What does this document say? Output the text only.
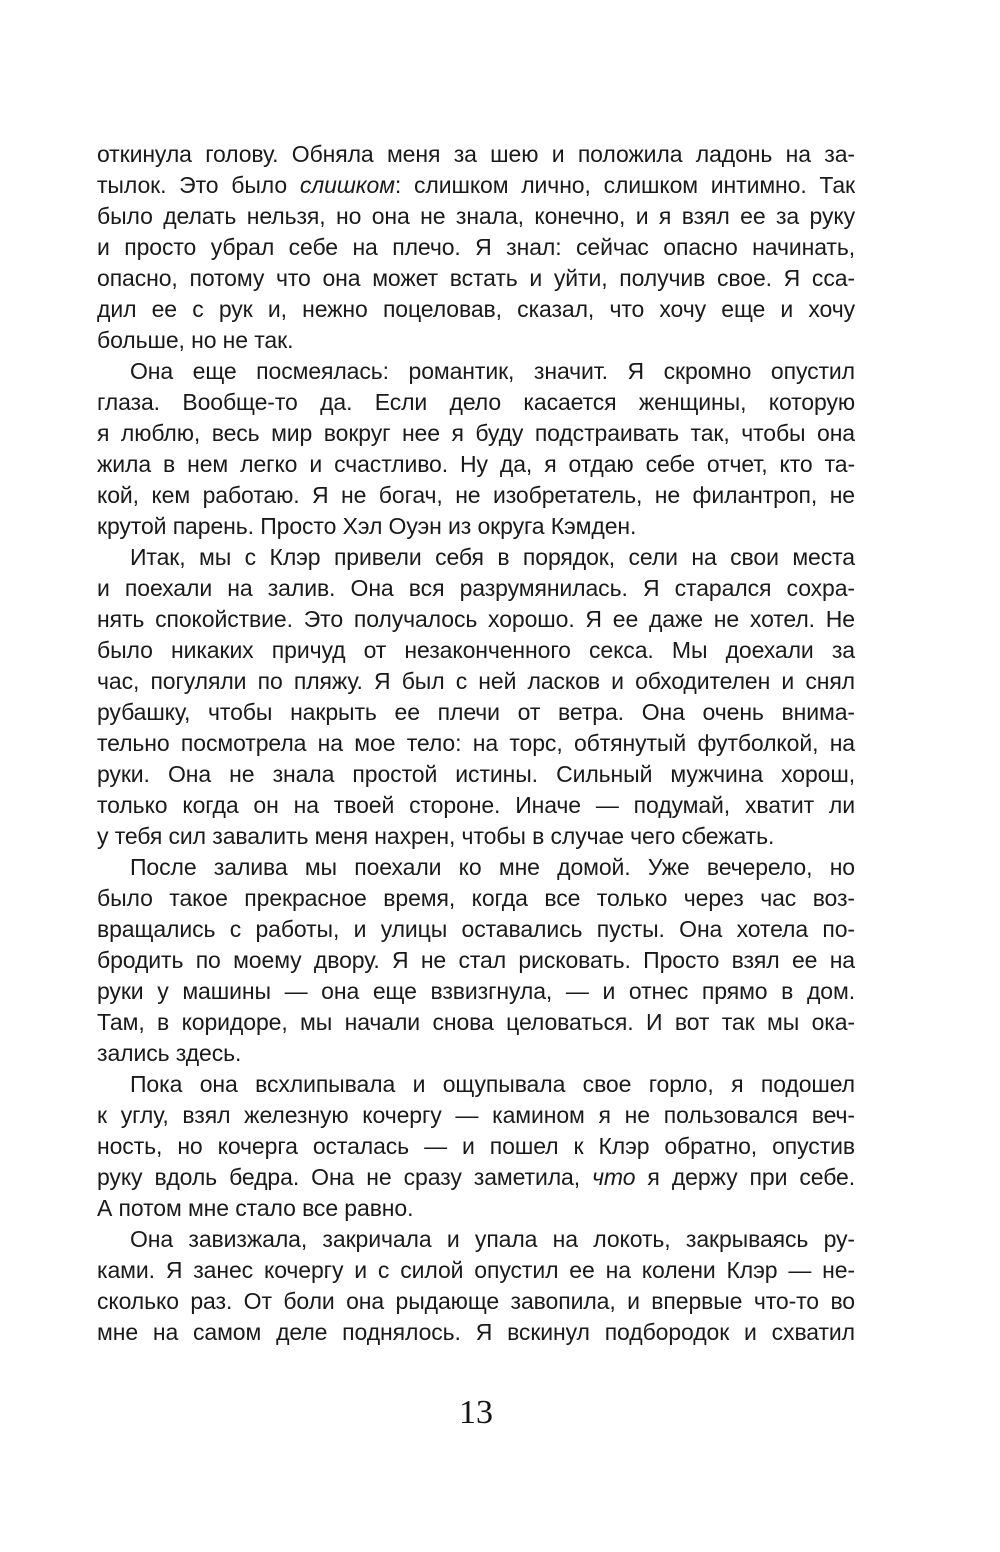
откинула голову. Обняла меня за шею и положила ладонь на за-
тылок. Это было слишком: слишком лично, слишком интимно. Так
было делать нельзя, но она не знала, конечно, и я взял ее за руку
и просто убрал себе на плечо. Я знал: сейчас опасно начинать,
опасно, потому что она может встать и уйти, получив свое. Я сса-
дил ее с рук и, нежно поцеловав, сказал, что хочу еще и хочу
больше, но не так.
Она еще посмеялась: романтик, значит. Я скромно опустил
глаза. Вообще-то да. Если дело касается женщины, которую
я люблю, весь мир вокруг нее я буду подстраивать так, чтобы она
жила в нем легко и счастливо. Ну да, я отдаю себе отчет, кто та-
кой, кем работаю. Я не богач, не изобретатель, не филантроп, не
крутой парень. Просто Хэл Оуэн из округа Кэмден.
Итак, мы с Клэр привели себя в порядок, сели на свои места
и поехали на залив. Она вся разрумянилась. Я старался сохра-
нять спокойствие. Это получалось хорошо. Я ее даже не хотел. Не
было никаких причуд от незаконченного секса. Мы доехали за
час, погуляли по пляжу. Я был с ней ласков и обходителен и снял
рубашку, чтобы накрыть ее плечи от ветра. Она очень внима-
тельно посмотрела на мое тело: на торс, обтянутый футболкой, на
руки. Она не знала простой истины. Сильный мужчина хорош,
только когда он на твоей стороне. Иначе — подумай, хватит ли
у тебя сил завалить меня нахрен, чтобы в случае чего сбежать.
После залива мы поехали ко мне домой. Уже вечерело, но
было такое прекрасное время, когда все только через час воз-
вращались с работы, и улицы оставались пусты. Она хотела по-
бродить по моему двору. Я не стал рисковать. Просто взял ее на
руки у машины — она еще взвизгнула, — и отнес прямо в дом.
Там, в коридоре, мы начали снова целоваться. И вот так мы ока-
зались здесь.
Пока она всхлипывала и ощупывала свое горло, я подошел
к углу, взял железную кочергу — камином я не пользовался веч-
ность, но кочерга осталась — и пошел к Клэр обратно, опустив
руку вдоль бедра. Она не сразу заметила, что я держу при себе.
А потом мне стало все равно.
Она завизжала, закричала и упала на локоть, закрываясь ру-
ками. Я занес кочергу и с силой опустил ее на колени Клэр — не-
сколько раз. От боли она рыдающе завопила, и впервые что-то во
мне на самом деле поднялось. Я вскинул подбородок и схватил
13
